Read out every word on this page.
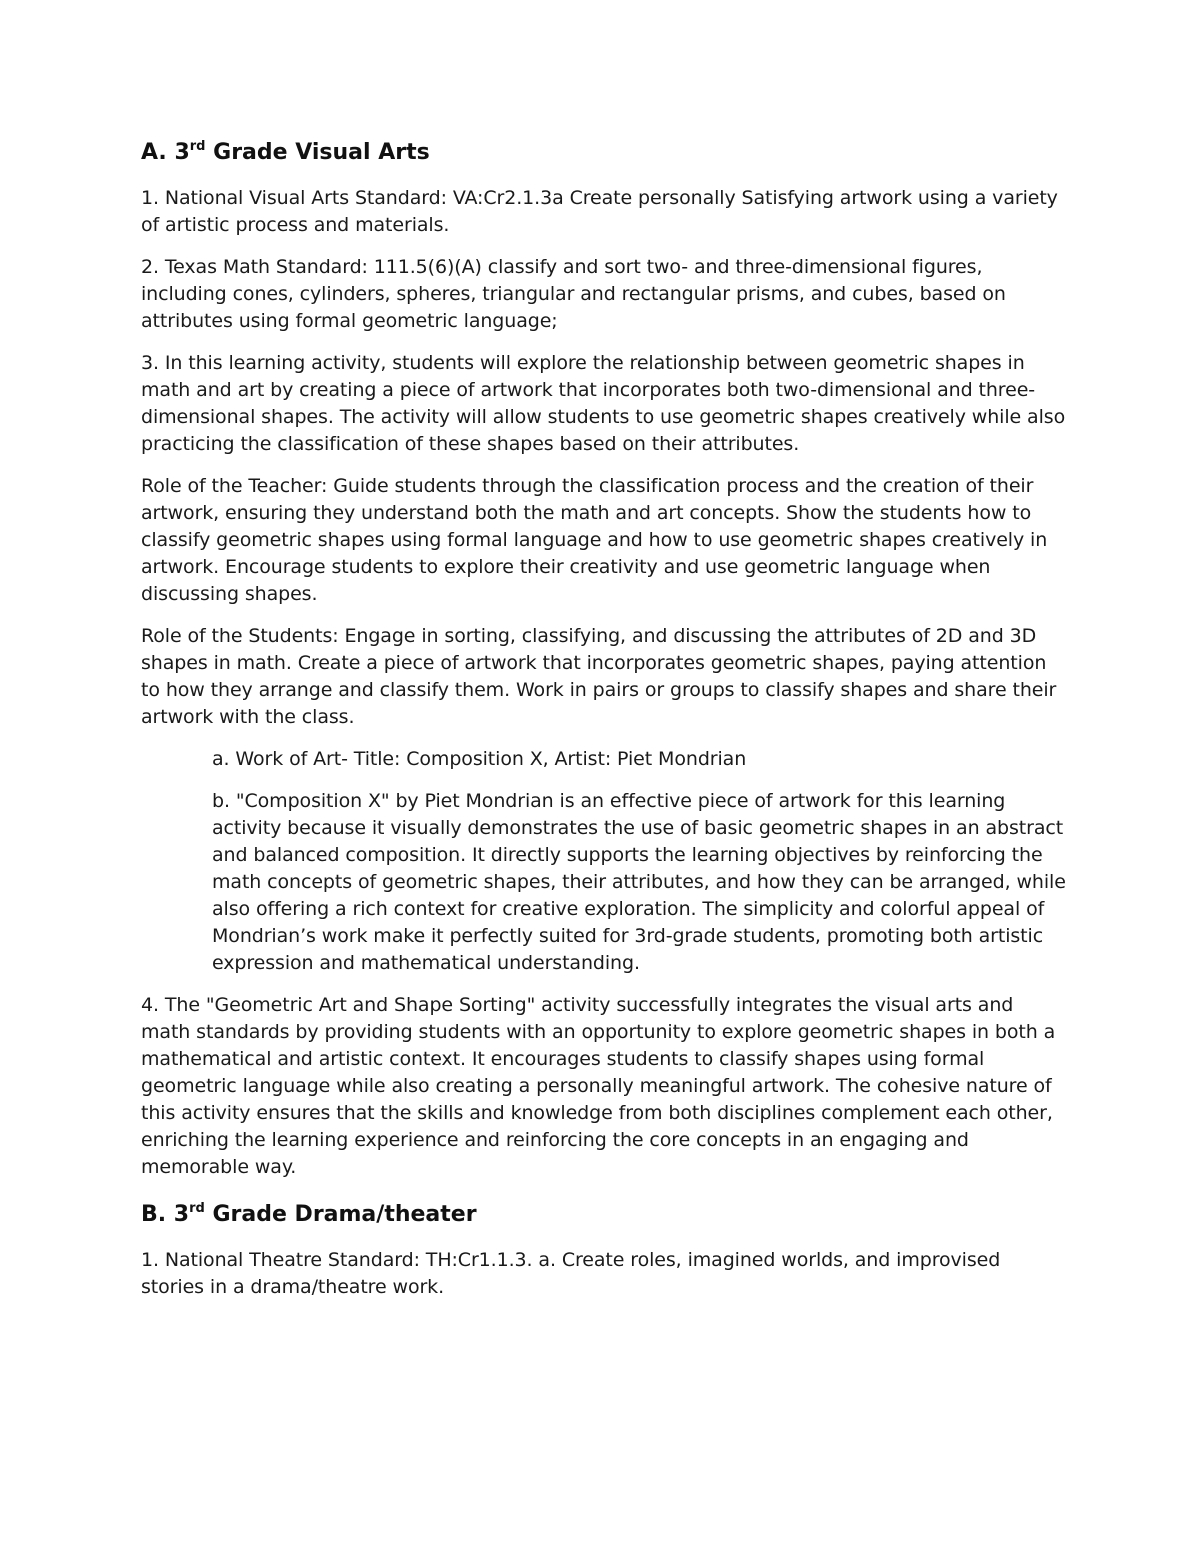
A. 3rd Grade Visual Arts

1. National Visual Arts Standard: VA:Cr2.1.3a Create personally Satisfying artwork using a variety of artistic process and materials.

2. Texas Math Standard: 111.5(6)(A) classify and sort two- and three-dimensional figures, including cones, cylinders, spheres, triangular and rectangular prisms, and cubes, based on attributes using formal geometric language;

3. In this learning activity, students will explore the relationship between geometric shapes in math and art by creating a piece of artwork that incorporates both two-dimensional and three-dimensional shapes. The activity will allow students to use geometric shapes creatively while also practicing the classification of these shapes based on their attributes.

Role of the Teacher: Guide students through the classification process and the creation of their artwork, ensuring they understand both the math and art concepts. Show the students how to classify geometric shapes using formal language and how to use geometric shapes creatively in artwork. Encourage students to explore their creativity and use geometric language when discussing shapes.

Role of the Students: Engage in sorting, classifying, and discussing the attributes of 2D and 3D shapes in math. Create a piece of artwork that incorporates geometric shapes, paying attention to how they arrange and classify them. Work in pairs or groups to classify shapes and share their artwork with the class.

a. Work of Art- Title: Composition X, Artist: Piet Mondrian

b. "Composition X" by Piet Mondrian is an effective piece of artwork for this learning activity because it visually demonstrates the use of basic geometric shapes in an abstract and balanced composition. It directly supports the learning objectives by reinforcing the math concepts of geometric shapes, their attributes, and how they can be arranged, while also offering a rich context for creative exploration. The simplicity and colorful appeal of Mondrian’s work make it perfectly suited for 3rd-grade students, promoting both artistic expression and mathematical understanding.

4. The "Geometric Art and Shape Sorting" activity successfully integrates the visual arts and math standards by providing students with an opportunity to explore geometric shapes in both a mathematical and artistic context. It encourages students to classify shapes using formal geometric language while also creating a personally meaningful artwork. The cohesive nature of this activity ensures that the skills and knowledge from both disciplines complement each other, enriching the learning experience and reinforcing the core concepts in an engaging and memorable way.

B. 3rd Grade Drama/theater

1. National Theatre Standard: TH:Cr1.1.3. a. Create roles, imagined worlds, and improvised stories in a drama/theatre work.
